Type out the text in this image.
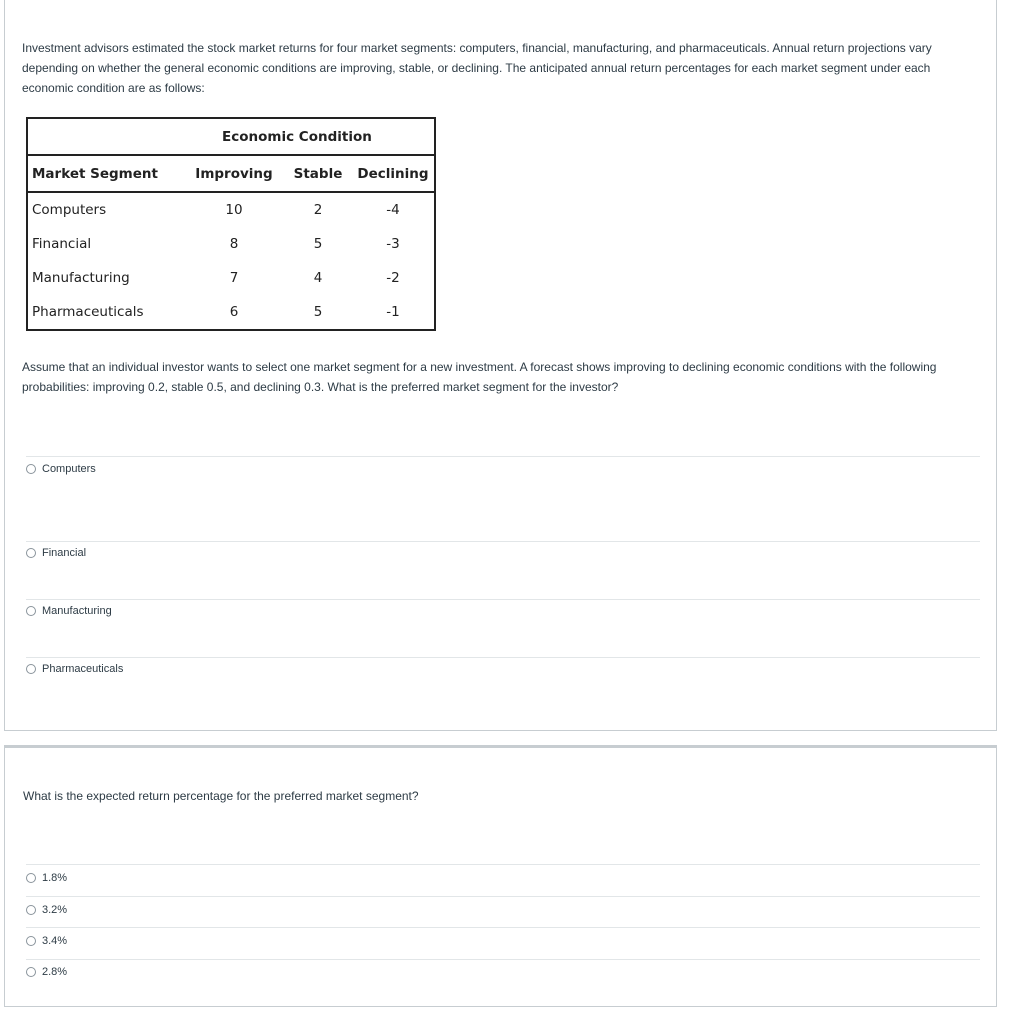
Investment advisors estimated the stock market returns for four market segments: computers, financial, manufacturing, and pharmaceuticals. Annual return projections vary depending on whether the general economic conditions are improving, stable, or declining. The anticipated annual return percentages for each market segment under each economic condition are as follows:

	Economic Condition		
Market Segment	Improving	Stable	Declining
Computers	10	2	-4
Financial	8	5	-3
Manufacturing	7	4	-2
Pharmaceuticals	6	5	-1

Assume that an individual investor wants to select one market segment for a new investment. A forecast shows improving to declining economic conditions with the following probabilities: improving 0.2, stable 0.5, and declining 0.3. What is the preferred market segment for the investor?

Computers
Financial
Manufacturing
Pharmaceuticals

What is the expected return percentage for the preferred market segment?

1.8%
3.2%
3.4%
2.8%
